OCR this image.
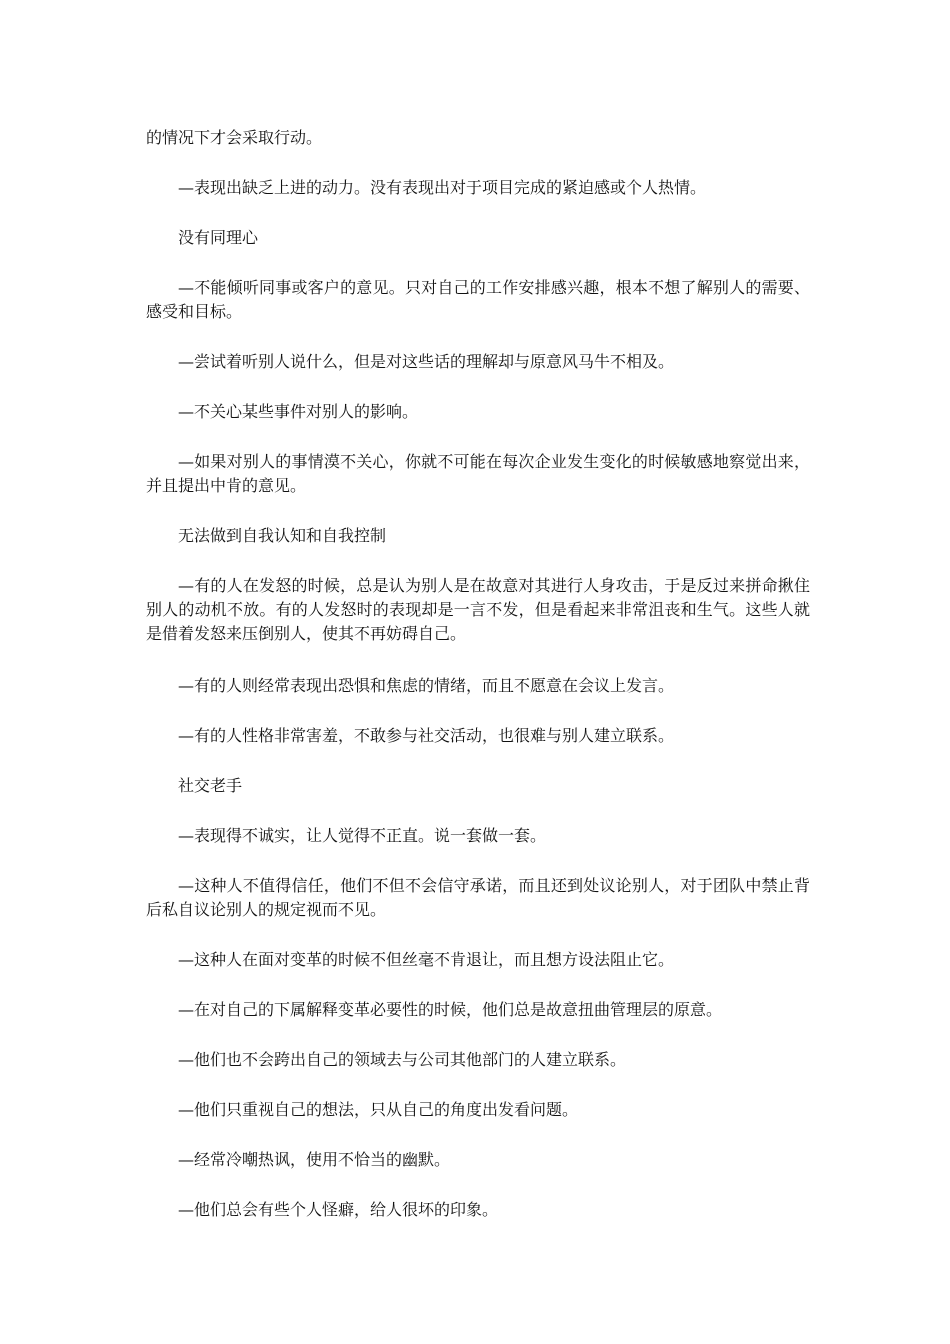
的情况下才会采取行动。

—表现出缺乏上进的动力。没有表现出对于项目完成的紧迫感或个人热情。

没有同理心

—不能倾听同事或客户的意见。只对自己的工作安排感兴趣，根本不想了解别人的需要、感受和目标。

—尝试着听别人说什么，但是对这些话的理解却与原意风马牛不相及。

—不关心某些事件对别人的影响。

—如果对别人的事情漠不关心，你就不可能在每次企业发生变化的时候敏感地察觉出来，并且提出中肯的意见。

无法做到自我认知和自我控制

—有的人在发怒的时候，总是认为别人是在故意对其进行人身攻击，于是反过来拼命揪住别人的动机不放。有的人发怒时的表现却是一言不发，但是看起来非常沮丧和生气。这些人就是借着发怒来压倒别人，使其不再妨碍自己。

—有的人则经常表现出恐惧和焦虑的情绪，而且不愿意在会议上发言。

—有的人性格非常害羞，不敢参与社交活动，也很难与别人建立联系。

社交老手

—表现得不诚实，让人觉得不正直。说一套做一套。

—这种人不值得信任，他们不但不会信守承诺，而且还到处议论别人，对于团队中禁止背后私自议论别人的规定视而不见。

—这种人在面对变革的时候不但丝毫不肯退让，而且想方设法阻止它。

—在对自己的下属解释变革必要性的时候，他们总是故意扭曲管理层的原意。

—他们也不会跨出自己的领域去与公司其他部门的人建立联系。

—他们只重视自己的想法，只从自己的角度出发看问题。

—经常冷嘲热讽，使用不恰当的幽默。

—他们总会有些个人怪癖，给人很坏的印象。
